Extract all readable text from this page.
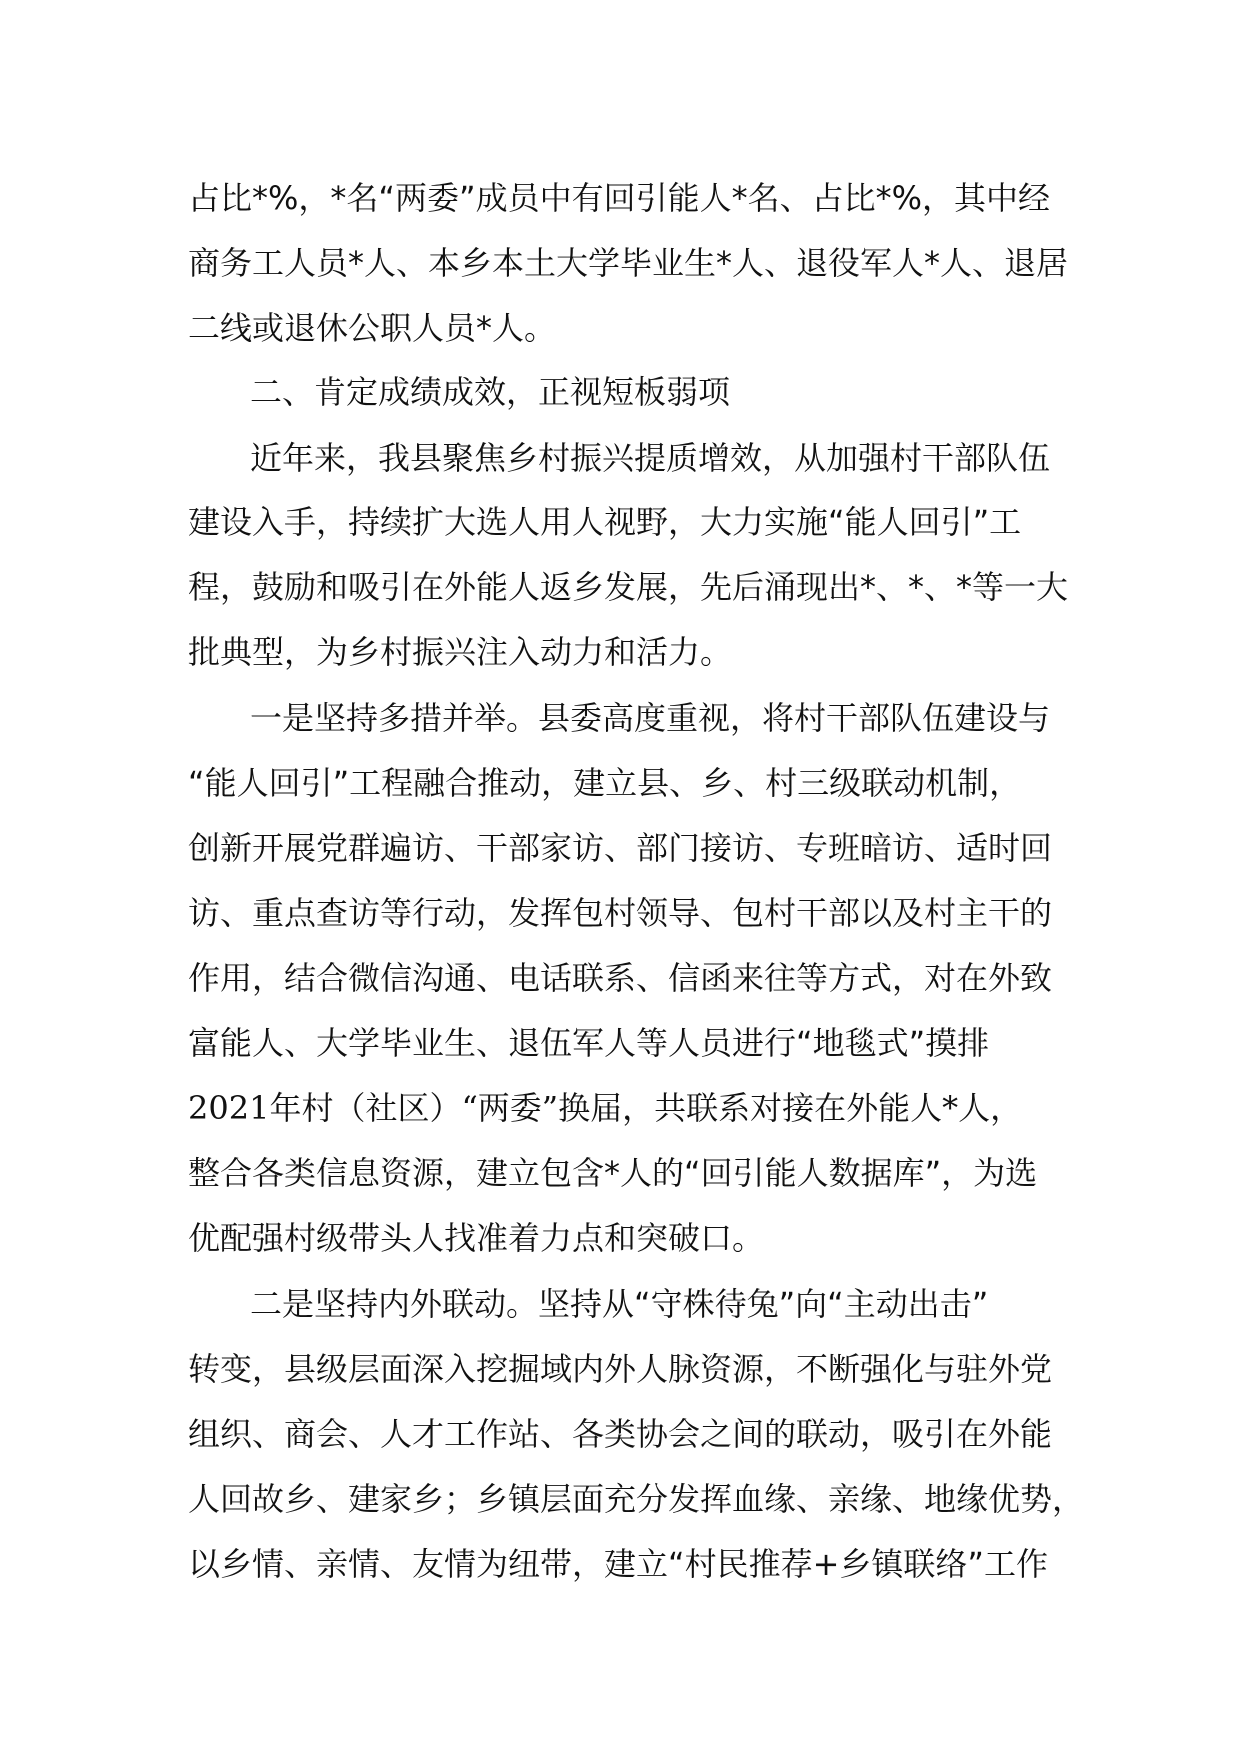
占比*%，*名“两委”成员中有回引能人*名、占比*%，其中经
商务工人员*人、本乡本土大学毕业生*人、退役军人*人、退居
二线或退休公职人员*人。
二、肯定成绩成效，正视短板弱项
近年来，我县聚焦乡村振兴提质增效，从加强村干部队伍
建设入手，持续扩大选人用人视野，大力实施“能人回引”工
程，鼓励和吸引在外能人返乡发展，先后涌现出*、*、*等一大
批典型，为乡村振兴注入动力和活力。
一是坚持多措并举。县委高度重视，将村干部队伍建设与
“能人回引”工程融合推动，建立县、乡、村三级联动机制，
创新开展党群遍访、干部家访、部门接访、专班暗访、适时回
访、重点查访等行动，发挥包村领导、包村干部以及村主干的
作用，结合微信沟通、电话联系、信函来往等方式，对在外致
富能人、大学毕业生、退伍军人等人员进行“地毯式”摸排
2021年村（社区）“两委”换届，共联系对接在外能人*人，
整合各类信息资源，建立包含*人的“回引能人数据库”，为选
优配强村级带头人找准着力点和突破口。
二是坚持内外联动。坚持从“守株待兔”向“主动出击”
转变，县级层面深入挖掘域内外人脉资源，不断强化与驻外党
组织、商会、人才工作站、各类协会之间的联动，吸引在外能
人回故乡、建家乡；乡镇层面充分发挥血缘、亲缘、地缘优势，
以乡情、亲情、友情为纽带，建立“村民推荐+乡镇联络”工作
